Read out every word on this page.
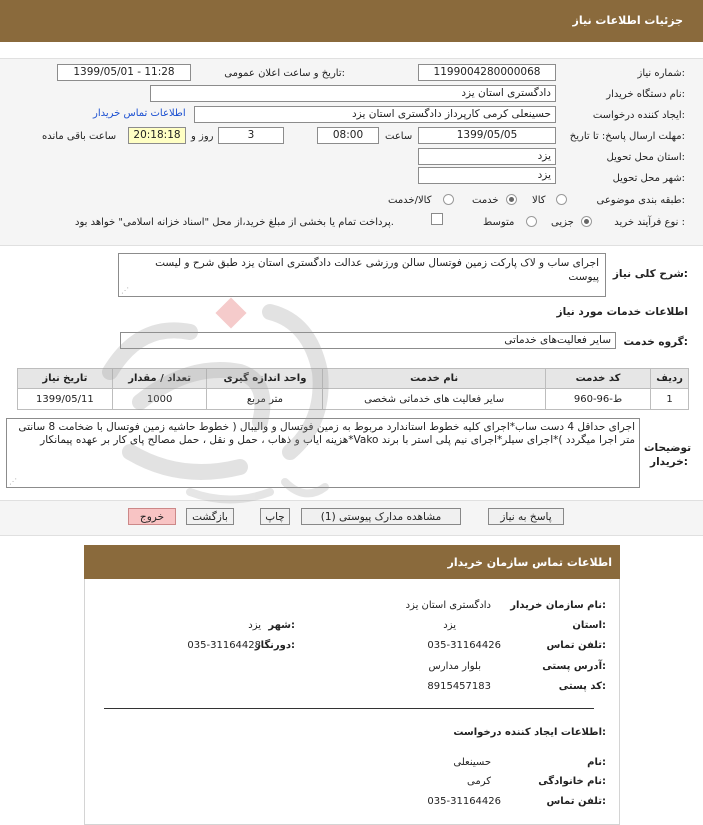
جزئیات اطلاعات نیاز
شماره نیاز:
1199004280000068
تاریخ و ساعت اعلان عمومی:
1399/05/01 - 11:28
نام دستگاه خریدار:
دادگستری استان یزد
ایجاد کننده درخواست:
حسینعلی کرمی کارپرداز دادگستری استان یزد
اطلاعات تماس خریدار
مهلت ارسال پاسخ: تا تاریخ:
1399/05/05
ساعت
08:00
3
روز و
20:18:18
ساعت باقی مانده
استان محل تحویل:
یزد
شهر محل تحویل:
یزد
طبقه بندی موضوعی:
کالا
خدمت
کالا/خدمت
نوع فرآیند خرید :
جزیی
متوسط
پرداخت تمام یا بخشی از مبلغ خرید،از محل "اسناد خزانه اسلامی" خواهد بود.
شرح کلی نیاز:
اجرای ساب و لاک پارکت زمین فوتسال سالن ورزشی عدالت دادگستری استان یزد طبق شرح و لیست پیوست
⋰
اطلاعات خدمات مورد نیاز
گروه خدمت:
سایر فعالیت‌های خدماتی
ردیف	کد خدمت	نام خدمت	واحد اندازه گیری	تعداد / مقدار	تاریخ نیاز
1	ط-96-960	سایر فعالیت های خدماتی شخصی	متر مربع	1000	1399/05/11
توضیحات خریدار:
اجرای حداقل 4 دست ساب*اجرای کلیه خطوط استاندارد مربوط به زمین فوتسال و والیبال ( خطوط حاشیه زمین فوتسال با ضخامت 8 سانتی متر اجرا میگردد )*اجرای سیلر*اجرای نیم پلی استر با برند Vako*هزینه ایاب و ذهاب ، حمل و نقل ، حمل مصالح پای کار بر عهده پیمانکار
⋰
پاسخ به نیاز
مشاهده مدارک پیوستی (1)
چاپ
بازگشت
خروج
اطلاعات تماس سازمان خریدار
نام سازمان خریدار:
دادگستری استان یزد
استان:
یزد
شهر:
یزد
تلفن تماس:
035-31164426
دورنگار:
035-31164428
آدرس پستی:
بلوار مدارس
کد پستی:
8915457183
اطلاعات ایجاد کننده درخواست:
نام:
حسینعلی
نام خانوادگی:
کرمی
تلفن تماس:
035-31164426
